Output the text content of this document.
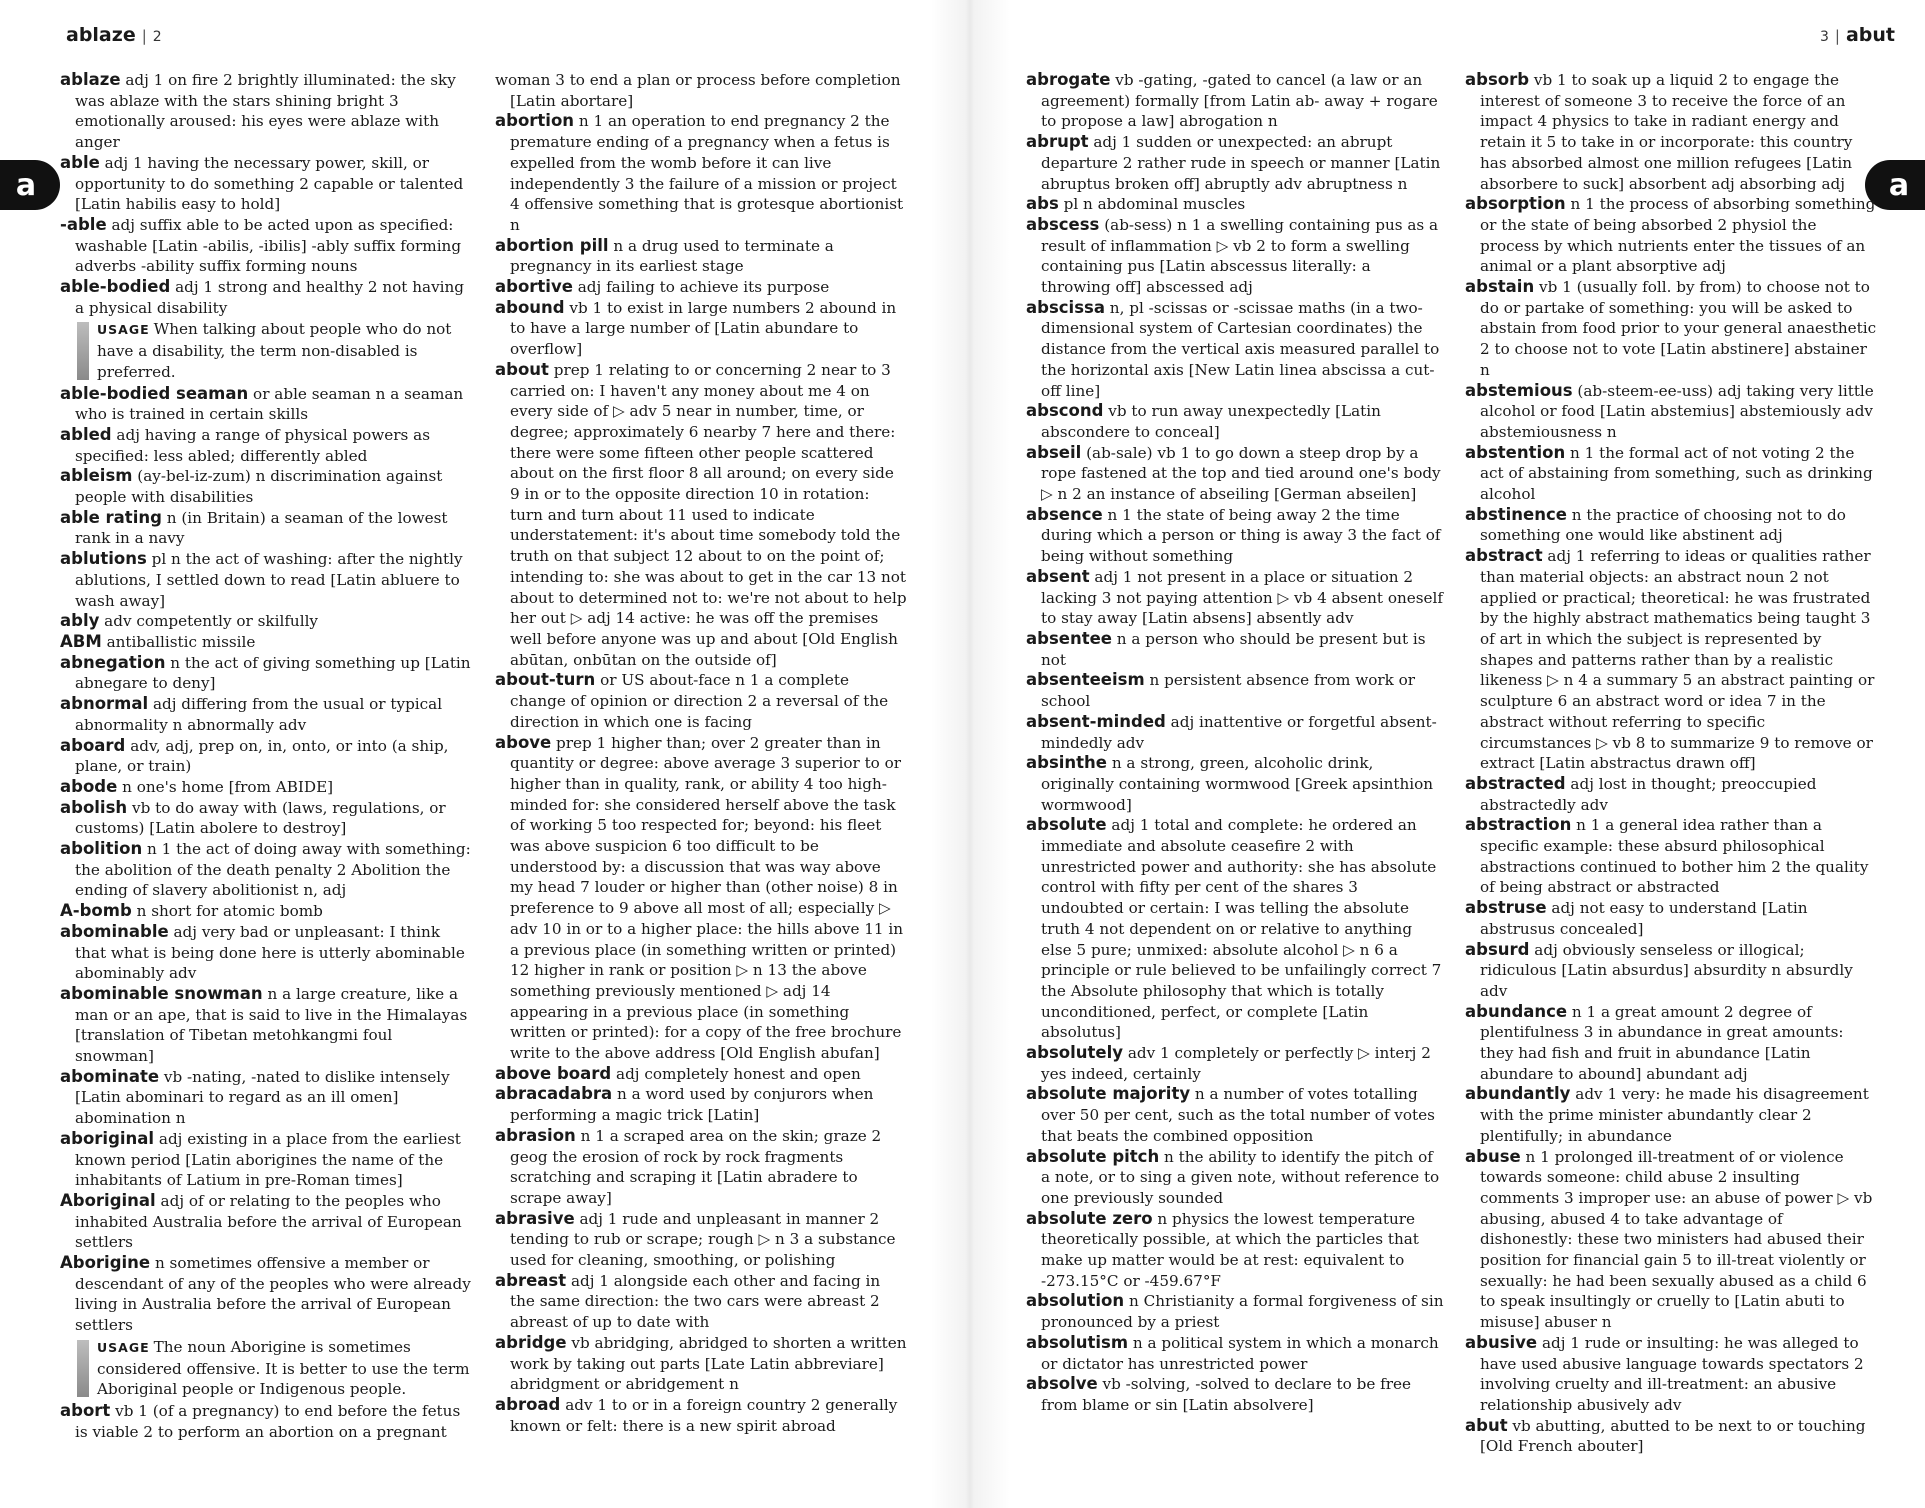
ablaze | 2
a

ablaze adj 1 on fire 2 brightly illuminated: the sky was ablaze with the stars shining bright 3 emotionally aroused: his eyes were ablaze with anger

able adj 1 having the necessary power, skill, or opportunity to do something 2 capable or talented [Latin habilis easy to hold]

-able adj suffix able to be acted upon as specified: washable [Latin -abilis, -ibilis] -ably suffix forming adverbs -ability suffix forming nouns

able-bodied adj 1 strong and healthy 2 not having a physical disability

USAGE When talking about people who do not have a disability, the term non-disabled is preferred.

able-bodied seaman or able seaman n a seaman who is trained in certain skills

abled adj having a range of physical powers as specified: less abled; differently abled

ableism (ay-bel-iz-zum) n discrimination against people with disabilities

able rating n (in Britain) a seaman of the lowest rank in a navy

ablutions pl n the act of washing: after the nightly ablutions, I settled down to read [Latin abluere to wash away]

ably adv competently or skilfully

ABM antiballistic missile

abnegation n the act of giving something up [Latin abnegare to deny]

abnormal adj differing from the usual or typical abnormality n abnormally adv

aboard adv, adj, prep on, in, onto, or into (a ship, plane, or train)

abode n one's home [from ABIDE]

abolish vb to do away with (laws, regulations, or customs) [Latin abolere to destroy]

abolition n 1 the act of doing away with something: the abolition of the death penalty 2 Abolition the ending of slavery abolitionist n, adj

A-bomb n short for atomic bomb

abominable adj very bad or unpleasant: I think that what is being done here is utterly abominable abominably adv

abominable snowman n a large creature, like a man or an ape, that is said to live in the Himalayas [translation of Tibetan metohkangmi foul snowman]

abominate vb -nating, -nated to dislike intensely [Latin abominari to regard as an ill omen] abomination n

aboriginal adj existing in a place from the earliest known period [Latin aborigines the name of the inhabitants of Latium in pre-Roman times]

Aboriginal adj of or relating to the peoples who inhabited Australia before the arrival of European settlers

Aborigine n sometimes offensive a member or descendant of any of the peoples who were already living in Australia before the arrival of European settlers

USAGE The noun Aborigine is sometimes considered offensive. It is better to use the term Aboriginal people or Indigenous people.

abort vb 1 (of a pregnancy) to end before the fetus is viable 2 to perform an abortion on a pregnant

woman 3 to end a plan or process before completion [Latin abortare]

abortion n 1 an operation to end pregnancy 2 the premature ending of a pregnancy when a fetus is expelled from the womb before it can live independently 3 the failure of a mission or project 4 offensive something that is grotesque abortionist n

abortion pill n a drug used to terminate a pregnancy in its earliest stage

abortive adj failing to achieve its purpose

abound vb 1 to exist in large numbers 2 abound in to have a large number of [Latin abundare to overflow]

about prep 1 relating to or concerning 2 near to 3 carried on: I haven't any money about me 4 on every side of ▷ adv 5 near in number, time, or degree; approximately 6 nearby 7 here and there: there were some fifteen other people scattered about on the first floor 8 all around; on every side 9 in or to the opposite direction 10 in rotation: turn and turn about 11 used to indicate understatement: it's about time somebody told the truth on that subject 12 about to on the point of; intending to: she was about to get in the car 13 not about to determined not to: we're not about to help her out ▷ adj 14 active: he was off the premises well before anyone was up and about [Old English abūtan, onbūtan on the outside of]

about-turn or US about-face n 1 a complete change of opinion or direction 2 a reversal of the direction in which one is facing

above prep 1 higher than; over 2 greater than in quantity or degree: above average 3 superior to or higher than in quality, rank, or ability 4 too high-minded for: she considered herself above the task of working 5 too respected for; beyond: his fleet was above suspicion 6 too difficult to be understood by: a discussion that was way above my head 7 louder or higher than (other noise) 8 in preference to 9 above all most of all; especially ▷ adv 10 in or to a higher place: the hills above 11 in a previous place (in something written or printed) 12 higher in rank or position ▷ n 13 the above something previously mentioned ▷ adj 14 appearing in a previous place (in something written or printed): for a copy of the free brochure write to the above address [Old English abufan]

above board adj completely honest and open

abracadabra n a word used by conjurors when performing a magic trick [Latin]

abrasion n 1 a scraped area on the skin; graze 2 geog the erosion of rock by rock fragments scratching and scraping it [Latin abradere to scrape away]

abrasive adj 1 rude and unpleasant in manner 2 tending to rub or scrape; rough ▷ n 3 a substance used for cleaning, smoothing, or polishing

abreast adj 1 alongside each other and facing in the same direction: the two cars were abreast 2 abreast of up to date with

abridge vb abridging, abridged to shorten a written work by taking out parts [Late Latin abbreviare] abridgment or abridgement n

abroad adv 1 to or in a foreign country 2 generally known or felt: there is a new spirit abroad

3 | abut
a

abrogate vb -gating, -gated to cancel (a law or an agreement) formally [from Latin ab- away + rogare to propose a law] abrogation n

abrupt adj 1 sudden or unexpected: an abrupt departure 2 rather rude in speech or manner [Latin abruptus broken off] abruptly adv abruptness n

abs pl n abdominal muscles

abscess (ab-sess) n 1 a swelling containing pus as a result of inflammation ▷ vb 2 to form a swelling containing pus [Latin abscessus literally: a throwing off] abscessed adj

abscissa n, pl -scissas or -scissae maths (in a two-dimensional system of Cartesian coordinates) the distance from the vertical axis measured parallel to the horizontal axis [New Latin linea abscissa a cut-off line]

abscond vb to run away unexpectedly [Latin abscondere to conceal]

abseil (ab-sale) vb 1 to go down a steep drop by a rope fastened at the top and tied around one's body ▷ n 2 an instance of abseiling [German abseilen]

absence n 1 the state of being away 2 the time during which a person or thing is away 3 the fact of being without something

absent adj 1 not present in a place or situation 2 lacking 3 not paying attention ▷ vb 4 absent oneself to stay away [Latin absens] absently adv

absentee n a person who should be present but is not

absenteeism n persistent absence from work or school

absent-minded adj inattentive or forgetful absent-mindedly adv

absinthe n a strong, green, alcoholic drink, originally containing wormwood [Greek apsinthion wormwood]

absolute adj 1 total and complete: he ordered an immediate and absolute ceasefire 2 with unrestricted power and authority: she has absolute control with fifty per cent of the shares 3 undoubted or certain: I was telling the absolute truth 4 not dependent on or relative to anything else 5 pure; unmixed: absolute alcohol ▷ n 6 a principle or rule believed to be unfailingly correct 7 the Absolute philosophy that which is totally unconditioned, perfect, or complete [Latin absolutus]

absolutely adv 1 completely or perfectly ▷ interj 2 yes indeed, certainly

absolute majority n a number of votes totalling over 50 per cent, such as the total number of votes that beats the combined opposition

absolute pitch n the ability to identify the pitch of a note, or to sing a given note, without reference to one previously sounded

absolute zero n physics the lowest temperature theoretically possible, at which the particles that make up matter would be at rest: equivalent to -273.15°C or -459.67°F

absolution n Christianity a formal forgiveness of sin pronounced by a priest

absolutism n a political system in which a monarch or dictator has unrestricted power

absolve vb -solving, -solved to declare to be free from blame or sin [Latin absolvere]

absorb vb 1 to soak up a liquid 2 to engage the interest of someone 3 to receive the force of an impact 4 physics to take in radiant energy and retain it 5 to take in or incorporate: this country has absorbed almost one million refugees [Latin absorbere to suck] absorbent adj absorbing adj

absorption n 1 the process of absorbing something or the state of being absorbed 2 physiol the process by which nutrients enter the tissues of an animal or a plant absorptive adj

abstain vb 1 (usually foll. by from) to choose not to do or partake of something: you will be asked to abstain from food prior to your general anaesthetic 2 to choose not to vote [Latin abstinere] abstainer n

abstemious (ab-steem-ee-uss) adj taking very little alcohol or food [Latin abstemius] abstemiously adv abstemiousness n

abstention n 1 the formal act of not voting 2 the act of abstaining from something, such as drinking alcohol

abstinence n the practice of choosing not to do something one would like abstinent adj

abstract adj 1 referring to ideas or qualities rather than material objects: an abstract noun 2 not applied or practical; theoretical: he was frustrated by the highly abstract mathematics being taught 3 of art in which the subject is represented by shapes and patterns rather than by a realistic likeness ▷ n 4 a summary 5 an abstract painting or sculpture 6 an abstract word or idea 7 in the abstract without referring to specific circumstances ▷ vb 8 to summarize 9 to remove or extract [Latin abstractus drawn off]

abstracted adj lost in thought; preoccupied abstractedly adv

abstraction n 1 a general idea rather than a specific example: these absurd philosophical abstractions continued to bother him 2 the quality of being abstract or abstracted

abstruse adj not easy to understand [Latin abstrusus concealed]

absurd adj obviously senseless or illogical; ridiculous [Latin absurdus] absurdity n absurdly adv

abundance n 1 a great amount 2 degree of plentifulness 3 in abundance in great amounts: they had fish and fruit in abundance [Latin abundare to abound] abundant adj

abundantly adv 1 very: he made his disagreement with the prime minister abundantly clear 2 plentifully; in abundance

abuse n 1 prolonged ill-treatment of or violence towards someone: child abuse 2 insulting comments 3 improper use: an abuse of power ▷ vb abusing, abused 4 to take advantage of dishonestly: these two ministers had abused their position for financial gain 5 to ill-treat violently or sexually: he had been sexually abused as a child 6 to speak insultingly or cruelly to [Latin abuti to misuse] abuser n

abusive adj 1 rude or insulting: he was alleged to have used abusive language towards spectators 2 involving cruelty and ill-treatment: an abusive relationship abusively adv

abut vb abutting, abutted to be next to or touching [Old French abouter]
